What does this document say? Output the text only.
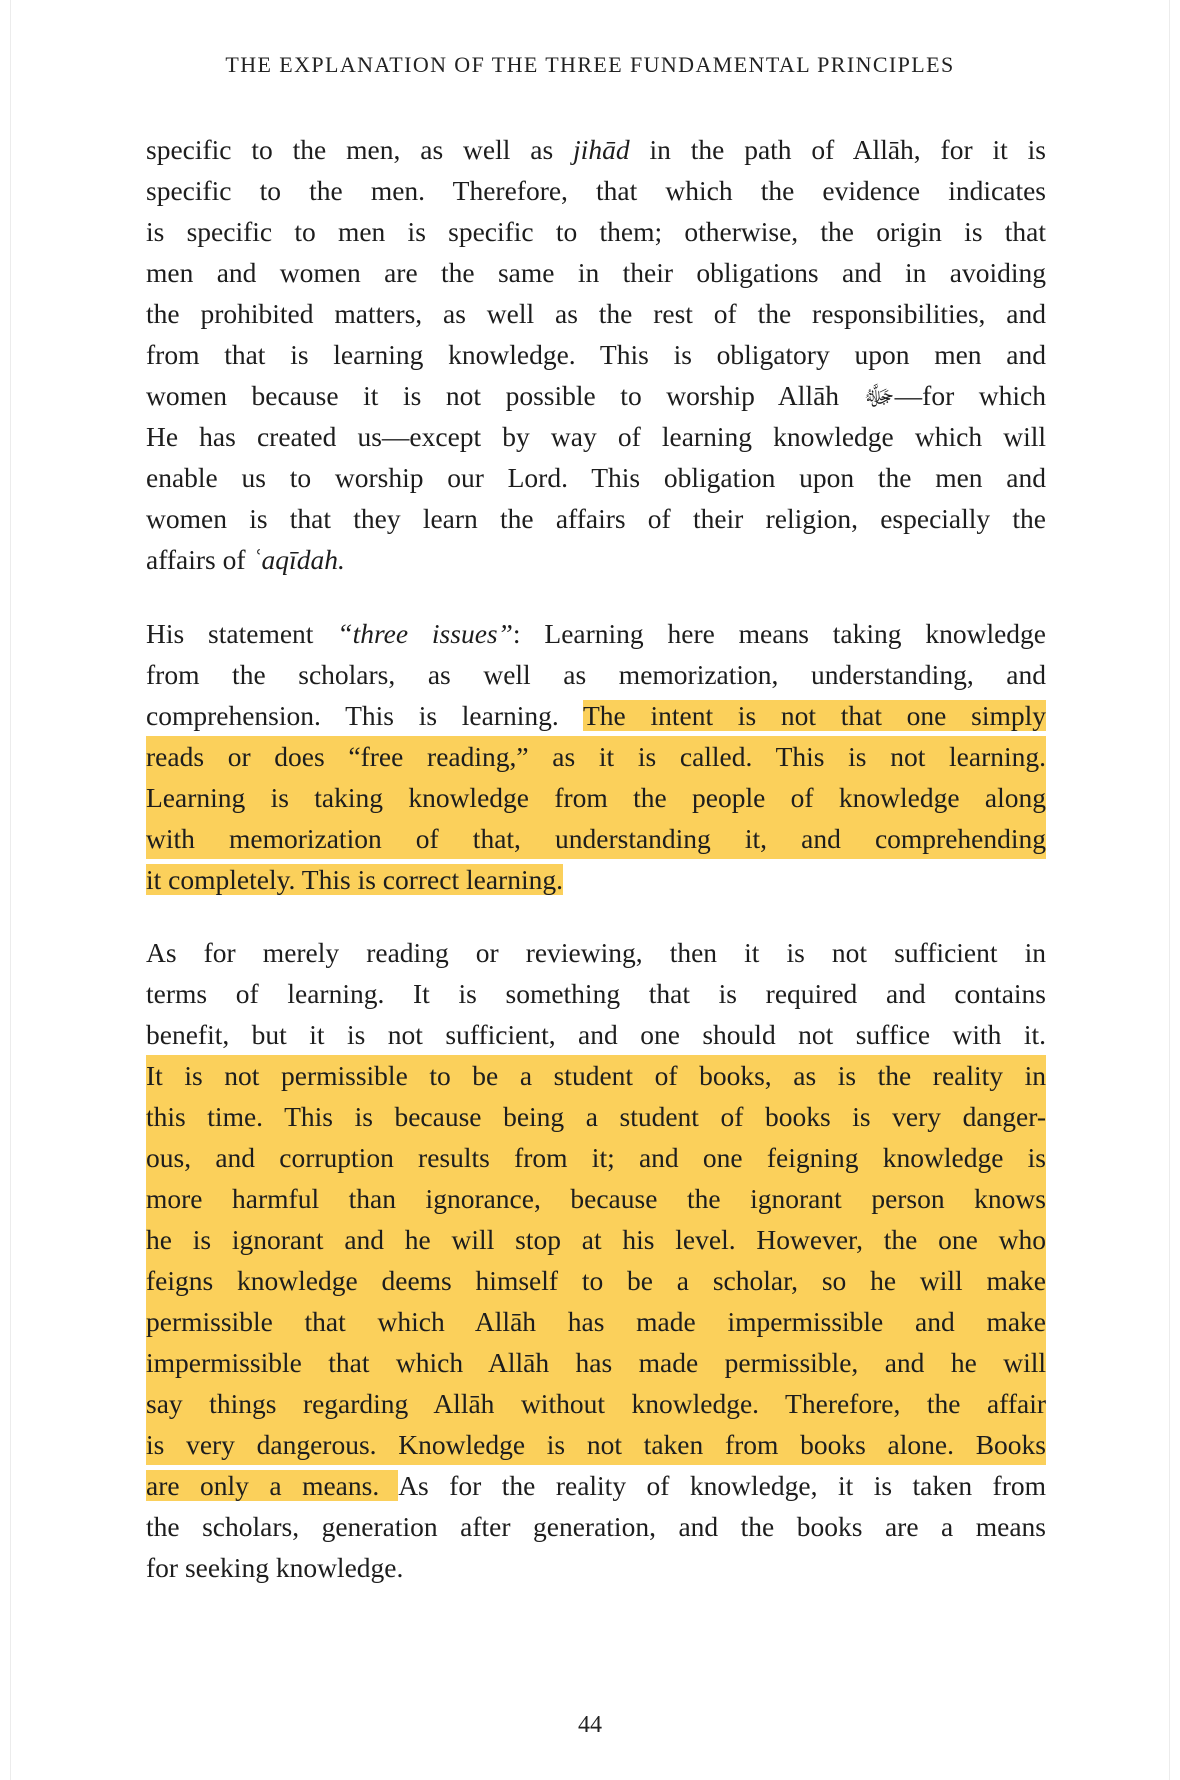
THE EXPLANATION OF THE THREE FUNDAMENTAL PRINCIPLES
specific to the men, as well as jihād in the path of Allāh, for it is
specific to the men. Therefore, that which the evidence indicates
is specific to men is specific to them; otherwise, the origin is that
men and women are the same in their obligations and in avoiding
the prohibited matters, as well as the rest of the responsibilities, and
from that is learning knowledge. This is obligatory upon men and
women because it is not possible to worship Allāh ﷻ—for which
He has created us—except by way of learning knowledge which will
enable us to worship our Lord. This obligation upon the men and
women is that they learn the affairs of their religion, especially the
affairs of ʿaqīdah.
His statement “three issues”: Learning here means taking knowledge
from the scholars, as well as memorization, understanding, and
comprehension. This is learning. The intent is not that one simply
reads or does “free reading,” as it is called. This is not learning.
Learning is taking knowledge from the people of knowledge along
with memorization of that, understanding it, and comprehending
it completely. This is correct learning.
As for merely reading or reviewing, then it is not sufficient in
terms of learning. It is something that is required and contains
benefit, but it is not sufficient, and one should not suffice with it.
It is not permissible to be a student of books, as is the reality in
this time. This is because being a student of books is very danger-
ous, and corruption results from it; and one feigning knowledge is
more harmful than ignorance, because the ignorant person knows
he is ignorant and he will stop at his level. However, the one who
feigns knowledge deems himself to be a scholar, so he will make
permissible that which Allāh has made impermissible and make
impermissible that which Allāh has made permissible, and he will
say things regarding Allāh without knowledge. Therefore, the affair
is very dangerous. Knowledge is not taken from books alone. Books
are only a means. As for the reality of knowledge, it is taken from
the scholars, generation after generation, and the books are a means
for seeking knowledge.
44
